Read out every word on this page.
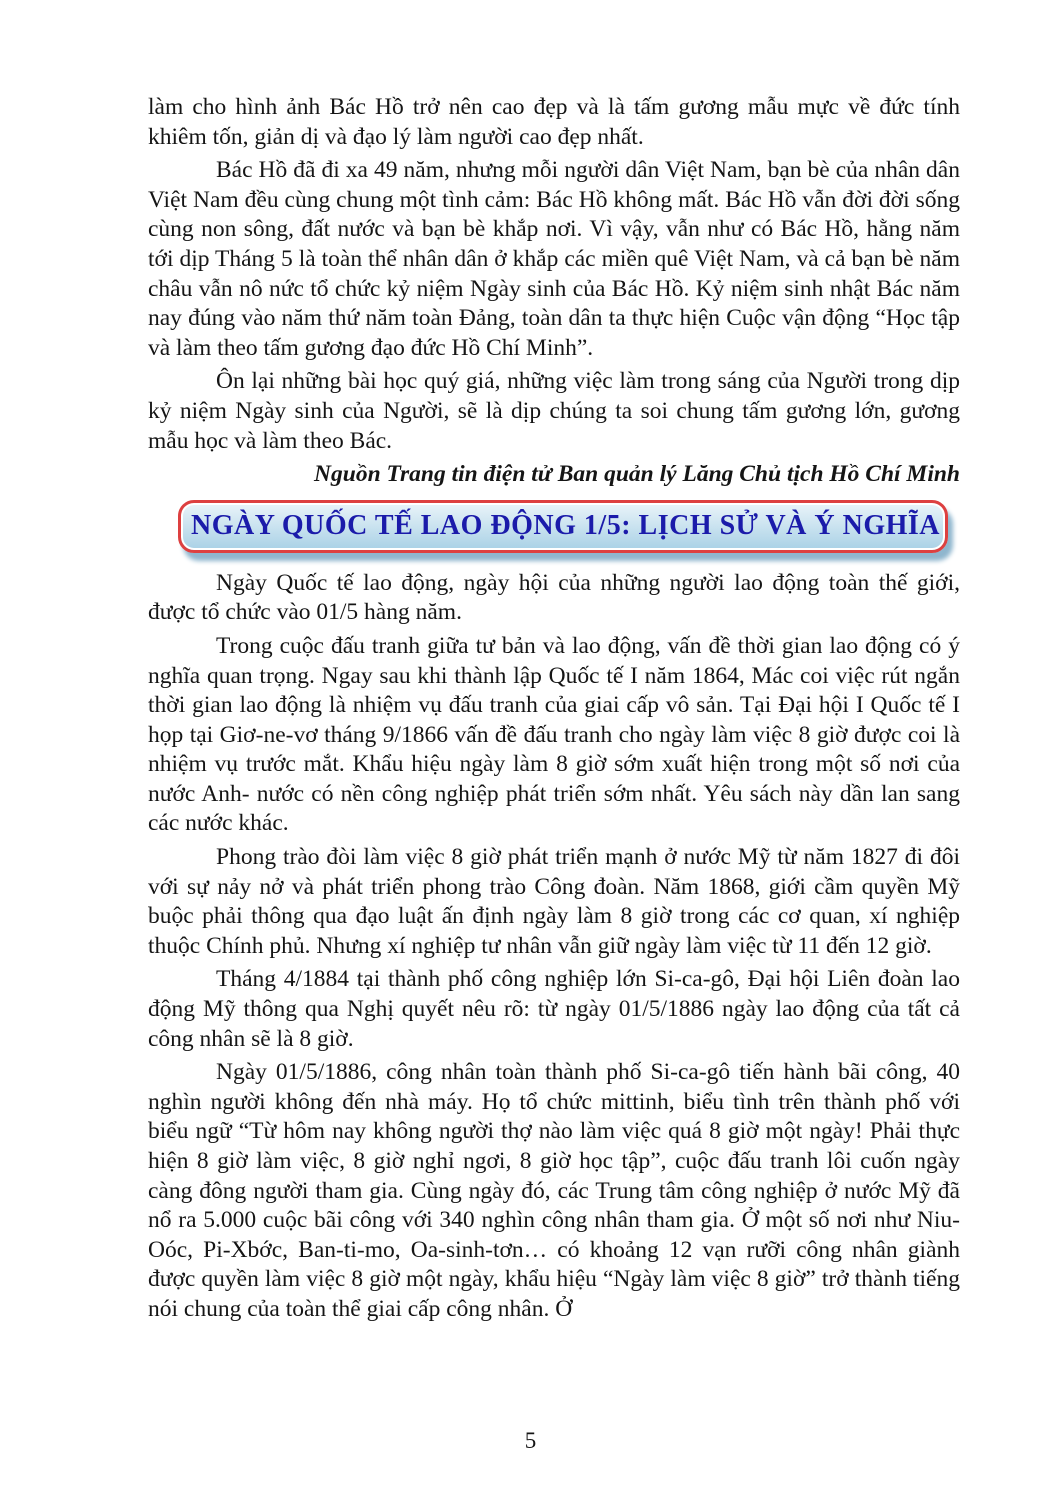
làm cho hình ảnh Bác Hồ trở nên cao đẹp và là tấm gương mẫu mực về đức tính khiêm tốn, giản dị và đạo lý làm người cao đẹp nhất.

Bác Hồ đã đi xa 49 năm, nhưng mỗi người dân Việt Nam, bạn bè của nhân dân Việt Nam đều cùng chung một tình cảm: Bác Hồ không mất. Bác Hồ vẫn đời đời sống cùng non sông, đất nước và bạn bè khắp nơi. Vì vậy, vẫn như có Bác Hồ, hằng năm tới dịp Tháng 5 là toàn thể nhân dân ở khắp các miền quê Việt Nam, và cả bạn bè năm châu vẫn nô nức tổ chức kỷ niệm Ngày sinh của Bác Hồ. Kỷ niệm sinh nhật Bác năm nay đúng vào năm thứ năm toàn Đảng, toàn dân ta thực hiện Cuộc vận động “Học tập và làm theo tấm gương đạo đức Hồ Chí Minh”.

Ôn lại những bài học quý giá, những việc làm trong sáng của Người trong dịp kỷ niệm Ngày sinh của Người, sẽ là dịp chúng ta soi chung tấm gương lớn, gương mẫu học và làm theo Bác.

Nguồn Trang tin điện tử Ban quản lý Lăng Chủ tịch Hồ Chí Minh

NGÀY QUỐC TẾ LAO ĐỘNG 1/5: LỊCH SỬ VÀ Ý NGHĨA

Ngày Quốc tế lao động, ngày hội của những người lao động toàn thế giới, được tổ chức vào 01/5 hàng năm.

Trong cuộc đấu tranh giữa tư bản và lao động, vấn đề thời gian lao động có ý nghĩa quan trọng. Ngay sau khi thành lập Quốc tế I năm 1864, Mác coi việc rút ngắn thời gian lao động là nhiệm vụ đấu tranh của giai cấp vô sản. Tại Đại hội I Quốc tế I họp tại Giơ-ne-vơ tháng 9/1866 vấn đề đấu tranh cho ngày làm việc 8 giờ được coi là nhiệm vụ trước mắt. Khẩu hiệu ngày làm 8 giờ sớm xuất hiện trong một số nơi của nước Anh- nước có nền công nghiệp phát triển sớm nhất. Yêu sách này dần lan sang các nước khác.

Phong trào đòi làm việc 8 giờ phát triển mạnh ở nước Mỹ từ năm 1827 đi đôi với sự nảy nở và phát triển phong trào Công đoàn. Năm 1868, giới cầm quyền Mỹ buộc phải thông qua đạo luật ấn định ngày làm 8 giờ trong các cơ quan, xí nghiệp thuộc Chính phủ. Nhưng xí nghiệp tư nhân vẫn giữ ngày làm việc từ 11 đến 12 giờ.

Tháng 4/1884 tại thành phố công nghiệp lớn Si-ca-gô, Đại hội Liên đoàn lao động Mỹ thông qua Nghị quyết nêu rõ: từ ngày 01/5/1886 ngày lao động của tất cả công nhân sẽ là 8 giờ.

Ngày 01/5/1886, công nhân toàn thành phố Si-ca-gô tiến hành bãi công, 40 nghìn người không đến nhà máy. Họ tổ chức mittinh, biểu tình trên thành phố với biểu ngữ “Từ hôm nay không người thợ nào làm việc quá 8 giờ một ngày! Phải thực hiện 8 giờ làm việc, 8 giờ nghỉ ngơi, 8 giờ học tập”, cuộc đấu tranh lôi cuốn ngày càng đông người tham gia. Cùng ngày đó, các Trung tâm công nghiệp ở nước Mỹ đã nổ ra 5.000 cuộc bãi công với 340 nghìn công nhân tham gia. Ở một số nơi như Niu-Oóc, Pi-Xbớc, Ban-ti-mo, Oa-sinh-tơn… có khoảng 12 vạn rưỡi công nhân giành được quyền làm việc 8 giờ một ngày, khẩu hiệu “Ngày làm việc 8 giờ” trở thành tiếng nói chung của toàn thể giai cấp công nhân. Ở

5
